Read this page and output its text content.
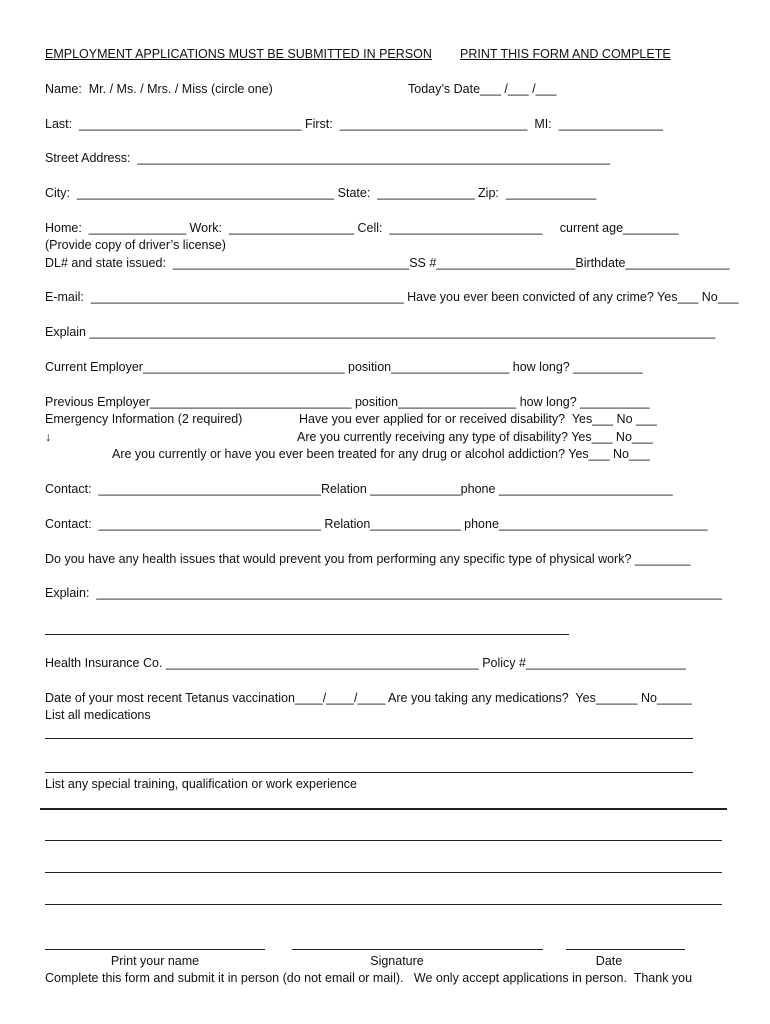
EMPLOYMENT APPLICATIONS MUST BE SUBMITTED IN PERSON PRINT THIS FORM AND COMPLETE
Name:  Mr. / Ms. / Mrs. / Miss (circle one)	Today’s Date___ /___ /___
Last:  ________________________________ First:  ___________________________  MI:  _______________
Street Address:  ____________________________________________________________________
City:  _____________________________________ State:  ______________ Zip:  _____________
Home:  ______________ Work:  __________________ Cell:  ______________________     current age________
(Provide copy of driver’s license)
DL# and state issued:  __________________________________SS #____________________Birthdate_______________
E-mail:  _____________________________________________ Have you ever been convicted of any crime? Yes___ No___
Explain __________________________________________________________________________________________
Current Employer_____________________________ position_________________ how long? __________
Previous Employer_____________________________ position_________________ how long? __________
Emergency Information (2 required)	Have you ever applied for or received disability?  Yes___ No ___
↓	Are you currently receiving any type of disability? Yes___ No___
Are you currently or have you ever been treated for any drug or alcohol addiction? Yes___ No___
Contact:  ________________________________Relation _____________phone _________________________
Contact:  ________________________________ Relation_____________ phone______________________________
Do you have any health issues that would prevent you from performing any specific type of physical work? ________
Explain:  __________________________________________________________________________________________
Health Insurance Co. _____________________________________________ Policy #_______________________
Date of your most recent Tetanus vaccination____/____/____ Are you taking any medications?  Yes______ No_____
List all medications
List any special training, qualification or work experience
Print your name	Signature	Date
Complete this form and submit it in person (do not email or mail).   We only accept applications in person.  Thank you
